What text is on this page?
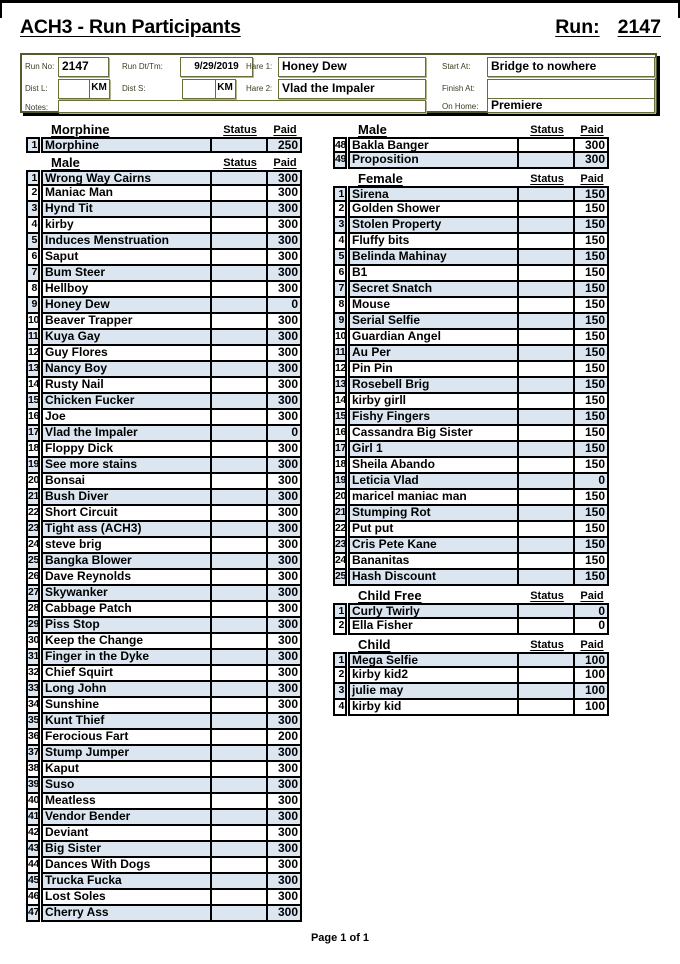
ACH3 - Run Participants	Run: 2147
Run No: 2147	Run Dt/Tm:	9/29/2019 Hare 1: Honey Dew	Start At:	Bridge to nowhere
Dist L:	KM	Dist S:	KM	Hare 2: Vlad the Impaler	Finish At:
Notes:	On Home:	Premiere
Morphine	Status	Paid
1 Morphine	250
Male	Status	Paid
1 Wrong Way Cairns	300
2 Maniac Man	300
3 Hynd Tit	300
4 kirby	300
5 Induces Menstruation	300
6 Saput	300
7 Bum Steer	300
8 Hellboy	300
9 Honey Dew	0
10 Beaver Trapper	300
11 Kuya Gay	300
12 Guy Flores	300
13 Nancy Boy	300
14 Rusty Nail	300
15 Chicken Fucker	300
16 Joe	300
17 Vlad the Impaler	0
18 Floppy Dick	300
19 See more stains	300
20 Bonsai	300
21 Bush Diver	300
22 Short Circuit	300
23 Tight ass (ACH3)	300
24 steve brig	300
25 Bangka Blower	300
26 Dave Reynolds	300
27 Skywanker	300
28 Cabbage Patch	300
29 Piss Stop	300
30 Keep the Change	300
31 Finger in the Dyke	300
32 Chief Squirt	300
33 Long John	300
34 Sunshine	300
35 Kunt Thief	300
36 Ferocious Fart	200
37 Stump Jumper	300
38 Kaput	300
39 Suso	300
40 Meatless	300
41 Vendor Bender	300
42 Deviant	300
43 Big Sister	300
44 Dances With Dogs	300
45 Trucka Fucka	300
46 Lost Soles	300
47 Cherry Ass	300
Male	Status	Paid
48 Bakla Banger	300
49 Proposition	300
Female	Status	Paid
1 Sirena	150
2 Golden Shower	150
3 Stolen Property	150
4 Fluffy bits	150
5 Belinda Mahinay	150
6 B1	150
7 Secret Snatch	150
8 Mouse	150
9 Serial Selfie	150
10 Guardian Angel	150
11 Au Per	150
12 Pin Pin	150
13 Rosebell Brig	150
14 kirby girll	150
15 Fishy Fingers	150
16 Cassandra Big Sister	150
17 Girl 1	150
18 Sheila Abando	150
19 Leticia Vlad	0
20 maricel maniac man	150
21 Stumping Rot	150
22 Put put	150
23 Cris Pete Kane	150
24 Bananitas	150
25 Hash Discount	150
Child Free	Status	Paid
1 Curly Twirly	0
2 Ella Fisher	0
Child	Status	Paid
1 Mega Selfie	100
2 kirby kid2	100
3 julie may	100
4 kirby kid	100
Page 1 of 1
